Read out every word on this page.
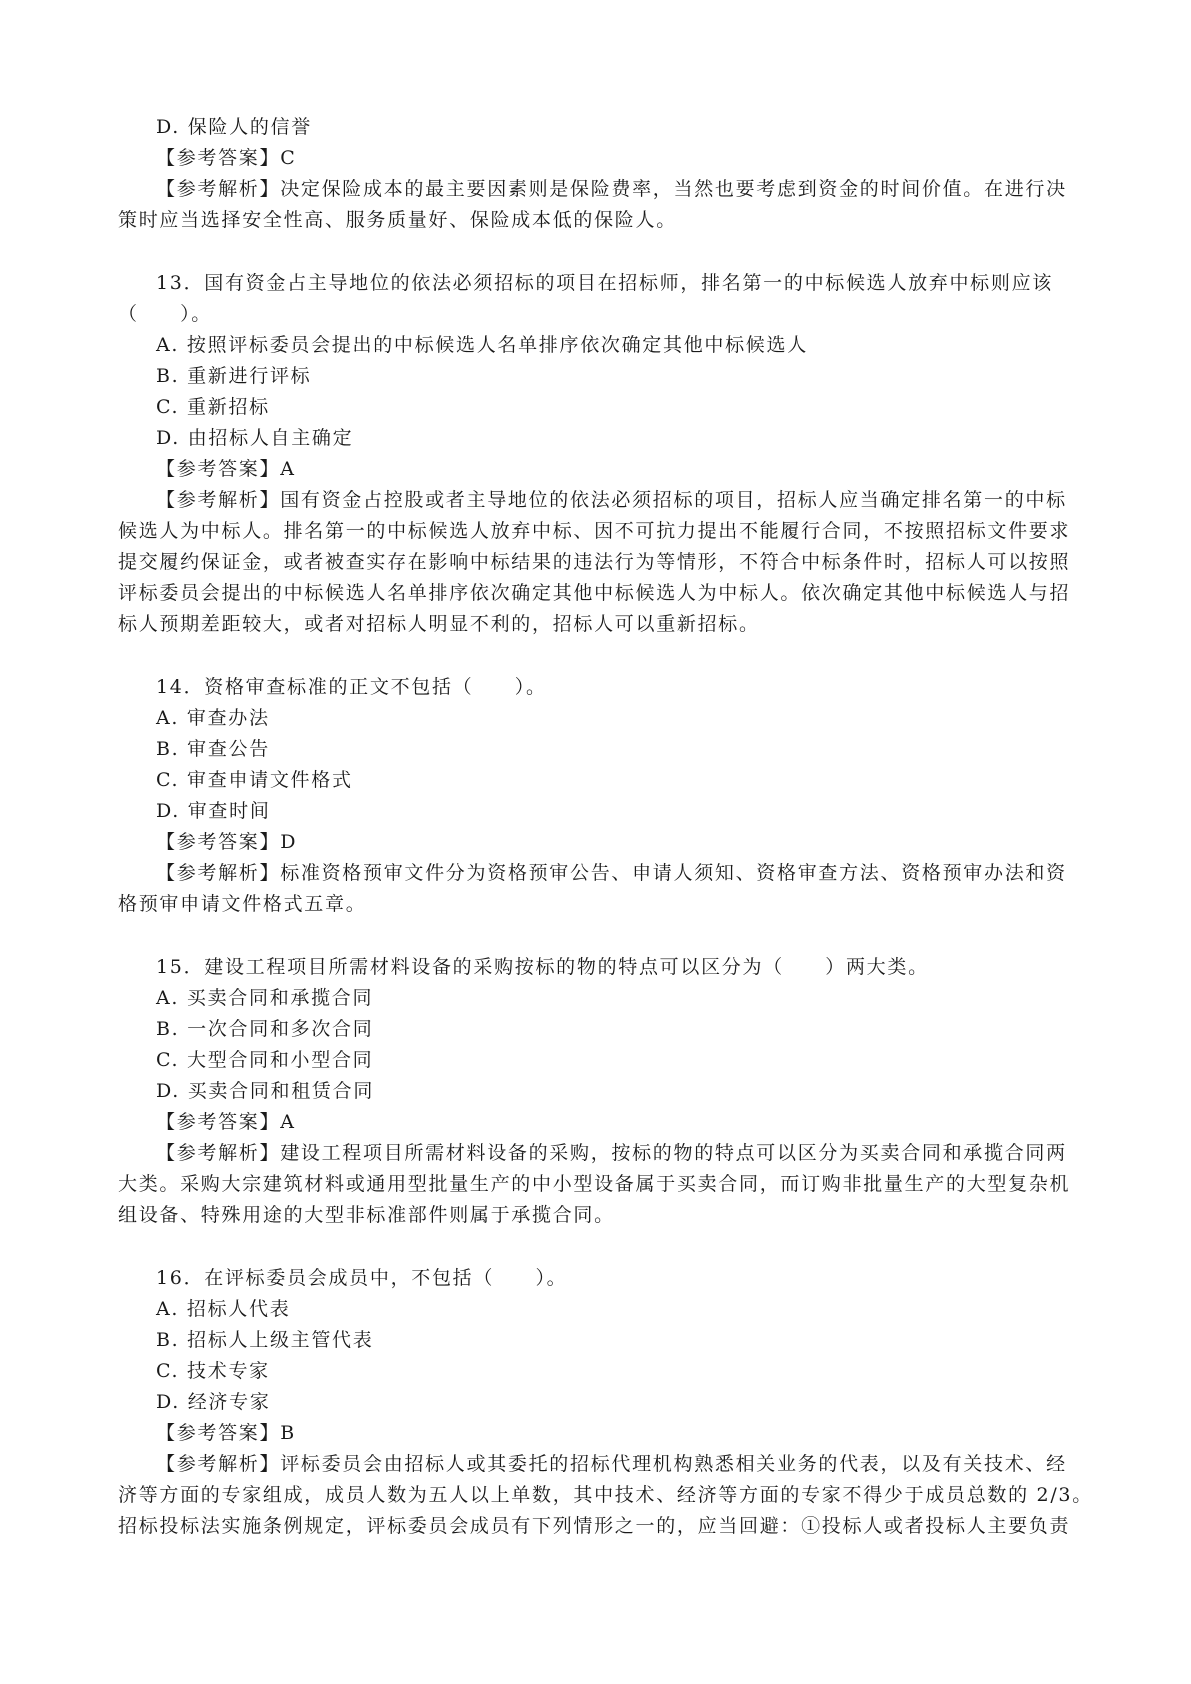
D. 保险人的信誉
【参考答案】C
【参考解析】决定保险成本的最主要因素则是保险费率，当然也要考虑到资金的时间价值。在进行决
策时应当选择安全性高、服务质量好、保险成本低的保险人。
13．国有资金占主导地位的依法必须招标的项目在招标师，排名第一的中标候选人放弃中标则应该
（　　）。
A. 按照评标委员会提出的中标候选人名单排序依次确定其他中标候选人
B. 重新进行评标
C. 重新招标
D. 由招标人自主确定
【参考答案】A
【参考解析】国有资金占控股或者主导地位的依法必须招标的项目，招标人应当确定排名第一的中标
候选人为中标人。排名第一的中标候选人放弃中标、因不可抗力提出不能履行合同，不按照招标文件要求
提交履约保证金，或者被查实存在影响中标结果的违法行为等情形，不符合中标条件时，招标人可以按照
评标委员会提出的中标候选人名单排序依次确定其他中标候选人为中标人。依次确定其他中标候选人与招
标人预期差距较大，或者对招标人明显不利的，招标人可以重新招标。
14．资格审查标准的正文不包括（　　）。
A. 审查办法
B. 审查公告
C. 审查申请文件格式
D. 审查时间
【参考答案】D
【参考解析】标准资格预审文件分为资格预审公告、申请人须知、资格审查方法、资格预审办法和资
格预审申请文件格式五章。
15．建设工程项目所需材料设备的采购按标的物的特点可以区分为（　　）两大类。
A. 买卖合同和承揽合同
B. 一次合同和多次合同
C. 大型合同和小型合同
D. 买卖合同和租赁合同
【参考答案】A
【参考解析】建设工程项目所需材料设备的采购，按标的物的特点可以区分为买卖合同和承揽合同两
大类。采购大宗建筑材料或通用型批量生产的中小型设备属于买卖合同，而订购非批量生产的大型复杂机
组设备、特殊用途的大型非标准部件则属于承揽合同。
16．在评标委员会成员中，不包括（　　）。
A. 招标人代表
B. 招标人上级主管代表
C. 技术专家
D. 经济专家
【参考答案】B
【参考解析】评标委员会由招标人或其委托的招标代理机构熟悉相关业务的代表，以及有关技术、经
济等方面的专家组成，成员人数为五人以上单数，其中技术、经济等方面的专家不得少于成员总数的 2/3。
招标投标法实施条例规定，评标委员会成员有下列情形之一的，应当回避：①投标人或者投标人主要负责
